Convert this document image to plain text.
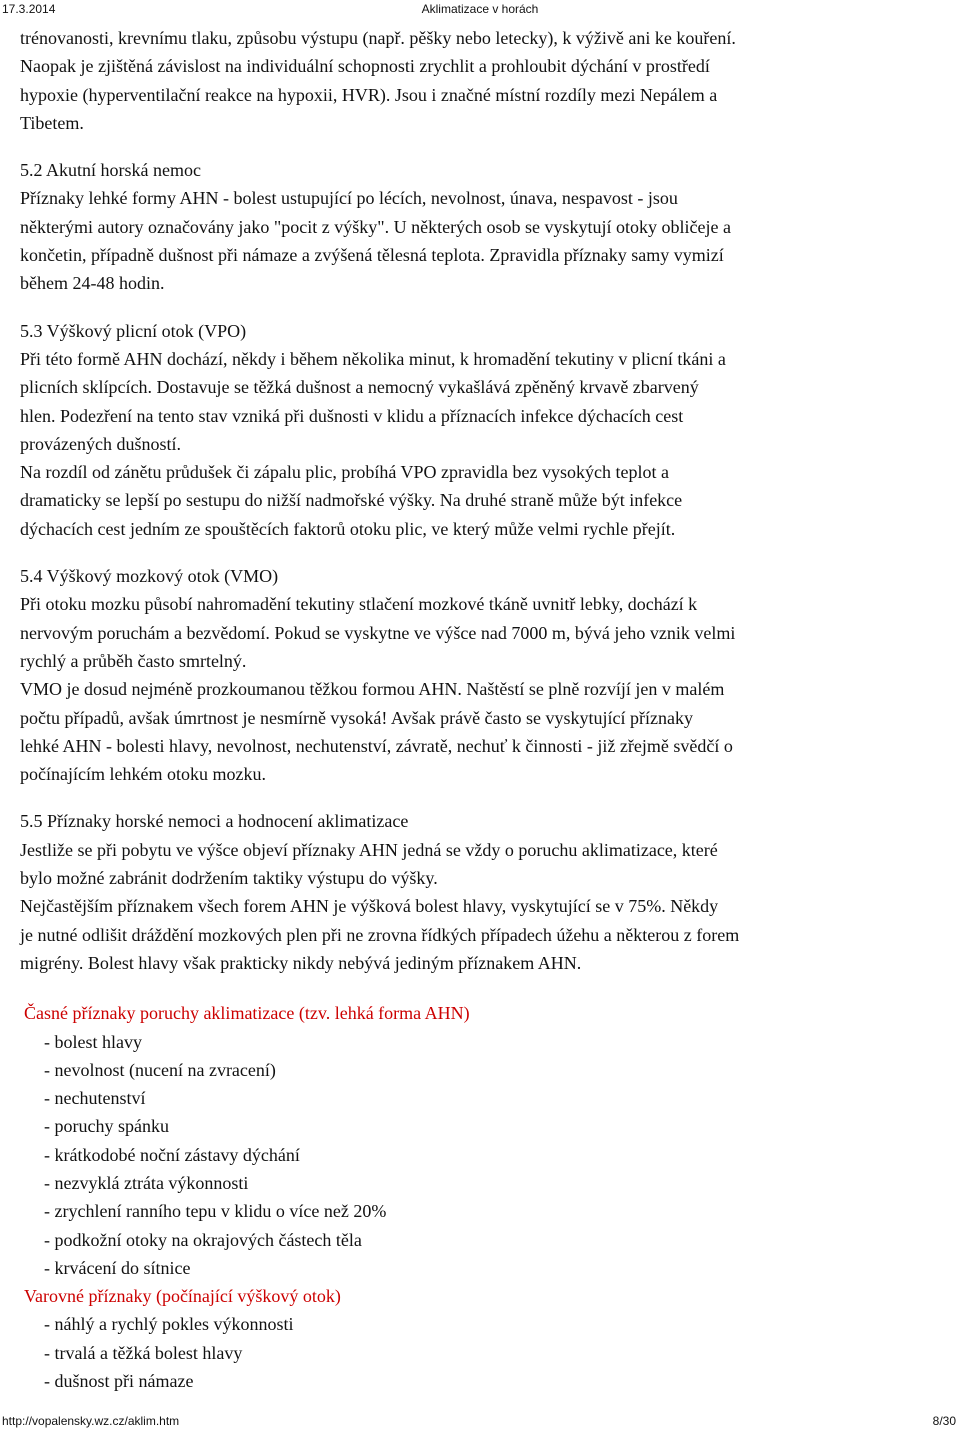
17.3.2014	Aklimatizace v horách

trénovanosti, krevnímu tlaku, způsobu výstupu (např. pěšky nebo letecky), k výživě ani ke kouření.

Naopak je zjištěná závislost na individuální schopnosti zrychlit a prohloubit dýchání v prostředí

hypoxie (hyperventilační reakce na hypoxii, HVR). Jsou i značné místní rozdíly mezi Nepálem a

Tibetem.

5.2 Akutní horská nemoc

Příznaky lehké formy AHN - bolest ustupující po lécích, nevolnost, únava, nespavost - jsou

některými autory označovány jako "pocit z výšky". U některých osob se vyskytují otoky obličeje a

končetin, případně dušnost při námaze a zvýšená tělesná teplota. Zpravidla příznaky samy vymizí

během 24-48 hodin.

5.3 Výškový plicní otok (VPO)

Při této formě AHN dochází, někdy i během několika minut, k hromadění tekutiny v plicní tkáni a

plicních sklípcích. Dostavuje se těžká dušnost a nemocný vykašlává zpěněný krvavě zbarvený

hlen. Podezření na tento stav vzniká při dušnosti v klidu a příznacích infekce dýchacích cest

provázených dušností.

Na rozdíl od zánětu průdušek či zápalu plic, probíhá VPO zpravidla bez vysokých teplot a

dramaticky se lepší po sestupu do nižší nadmořské výšky. Na druhé straně může být infekce

dýchacích cest jedním ze spouštěcích faktorů otoku plic, ve který může velmi rychle přejít.

5.4 Výškový mozkový otok (VMO)

Při otoku mozku působí nahromadění tekutiny stlačení mozkové tkáně uvnitř lebky, dochází k

nervovým poruchám a bezvědomí. Pokud se vyskytne ve výšce nad 7000 m, bývá jeho vznik velmi

rychlý a průběh často smrtelný.

VMO je dosud nejméně prozkoumanou těžkou formou AHN. Naštěstí se plně rozvíjí jen v malém

počtu případů, avšak úmrtnost je nesmírně vysoká! Avšak právě často se vyskytující příznaky

lehké AHN - bolesti hlavy, nevolnost, nechutenství, závratě, nechuť k činnosti - již zřejmě svědčí o

počínajícím lehkém otoku mozku.

5.5 Příznaky horské nemoci a hodnocení aklimatizace

Jestliže se při pobytu ve výšce objeví příznaky AHN jedná se vždy o poruchu aklimatizace, které

bylo možné zabránit dodržením taktiky výstupu do výšky.

Nejčastějším příznakem všech forem AHN je výšková bolest hlavy, vyskytující se v 75%. Někdy

je nutné odlišit dráždění mozkových plen při ne zrovna řídkých případech úžehu a některou z forem

migrény. Bolest hlavy však prakticky nikdy nebývá jediným příznakem AHN.

Časné příznaky poruchy aklimatizace (tzv. lehká forma AHN)

- bolest hlavy
- nevolnost (nucení na zvracení)
- nechutenství
- poruchy spánku
- krátkodobé noční zástavy dýchání
- nezvyklá ztráta výkonnosti
- zrychlení ranního tepu v klidu o více než 20%
- podkožní otoky na okrajových částech těla
- krvácení do sítnice

Varovné příznaky (počínající výškový otok)

- náhlý a rychlý pokles výkonnosti
- trvalá a těžká bolest hlavy
- dušnost při námaze
http://vopalensky.wz.cz/aklim.htm	8/30
